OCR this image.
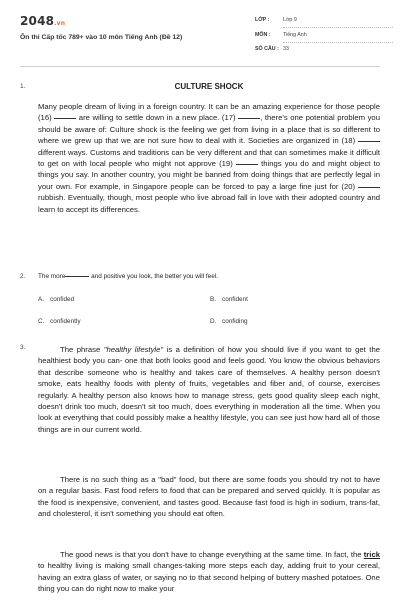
2048.vn
Ôn thi Cấp tốc 789+ vào 10 môn Tiếng Anh (Đề 12)
LỚP :	Lớp 9
MÔN : Tiếng Anh
SỐ CÂU : 33
1.	CULTURE SHOCK

Many people dream of living in a foreign country. It can be an amazing experience for those people (16)	are willing to settle down in a new place. (17)	, there's one potential problem you should be aware of: Culture shock is the feeling we get from living in a place that is so different to where we grew up that we are not sure how to deal with it. Societies are organized in (18)  different ways. Customs and traditions can be very different and that can sometimes make it difficult to get on with local people who might not approve (19)	things you do and might object to things you say. In another country, you might be banned from doing things that are perfectly legal in your own. For example, in Singapore people can be forced to pay a large fine just for (20)  rubbish. Eventually, though, most people who live abroad fall in love with their adopted country and learn to accept its differences.

2. The more	and positive you look, the better you will feel.
A. confided	B. confident
C. confidently	D. confiding
3.	The phrase "healthy lifestyle" is a definition of how you should live if you want to get the healthiest body you can- one that both looks good and feels good. You know the obvious behaviors that describe someone who is healthy and takes care of themselves. A healthy person doesn't smoke, eats healthy foods with plenty of fruits, vegetables and fiber and, of course, exercises regularly. A healthy person also knows how to manage stress, gets good quality sleep each night, doesn't drink too much, doesn't sit too much, does everything in moderation all the time. When you look at everything that could possibly make a healthy lifestyle, you can see just how hard all of those things are in our current world.

There is no such thing as a "bad" food, but there are some foods you should try not to have on a regular basis. Fast food refers to food that can be prepared and served quickly. It is popular as the food is inexpensive, convenient, and tastes good. Because fast food is high in sodium, trans-fat, and cholesterol, it isn't something you should eat often.

The good news is that you don't have to change everything at the same time. In fact, the trick to healthy living is making small changes-taking more steps each day, adding fruit to your cereal, having an extra glass of water, or saying no to that second helping of buttery mashed potatoes. One thing you can do right now to make your
